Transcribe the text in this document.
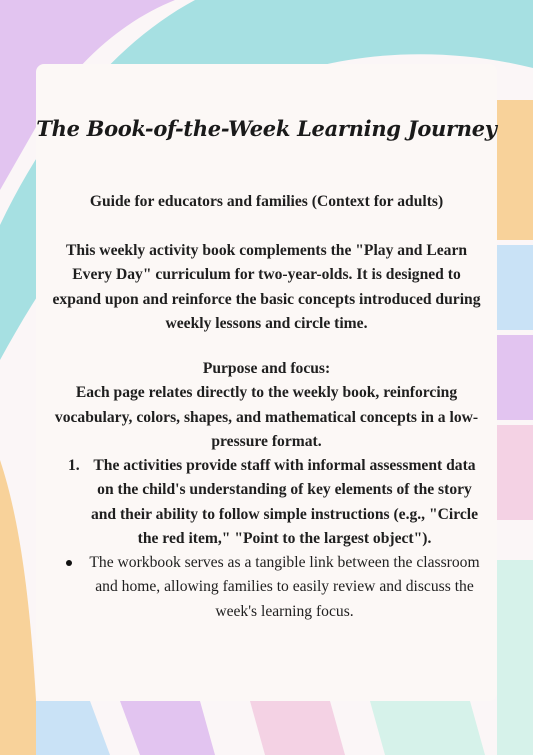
The Book-of-the-Week Learning Journey
Guide for educators and families (Context for adults)
This weekly activity book complements the "Play and Learn Every Day" curriculum for two-year-olds. It is designed to expand upon and reinforce the basic concepts introduced during weekly lessons and circle time.
Purpose and focus:
Each page relates directly to the weekly book, reinforcing vocabulary, colors, shapes, and mathematical concepts in a low-pressure format.
1. The activities provide staff with informal assessment data on the child's understanding of key elements of the story and their ability to follow simple instructions (e.g., "Circle the red item," "Point to the largest object").
The workbook serves as a tangible link between the classroom and home, allowing families to easily review and discuss the week's learning focus.
